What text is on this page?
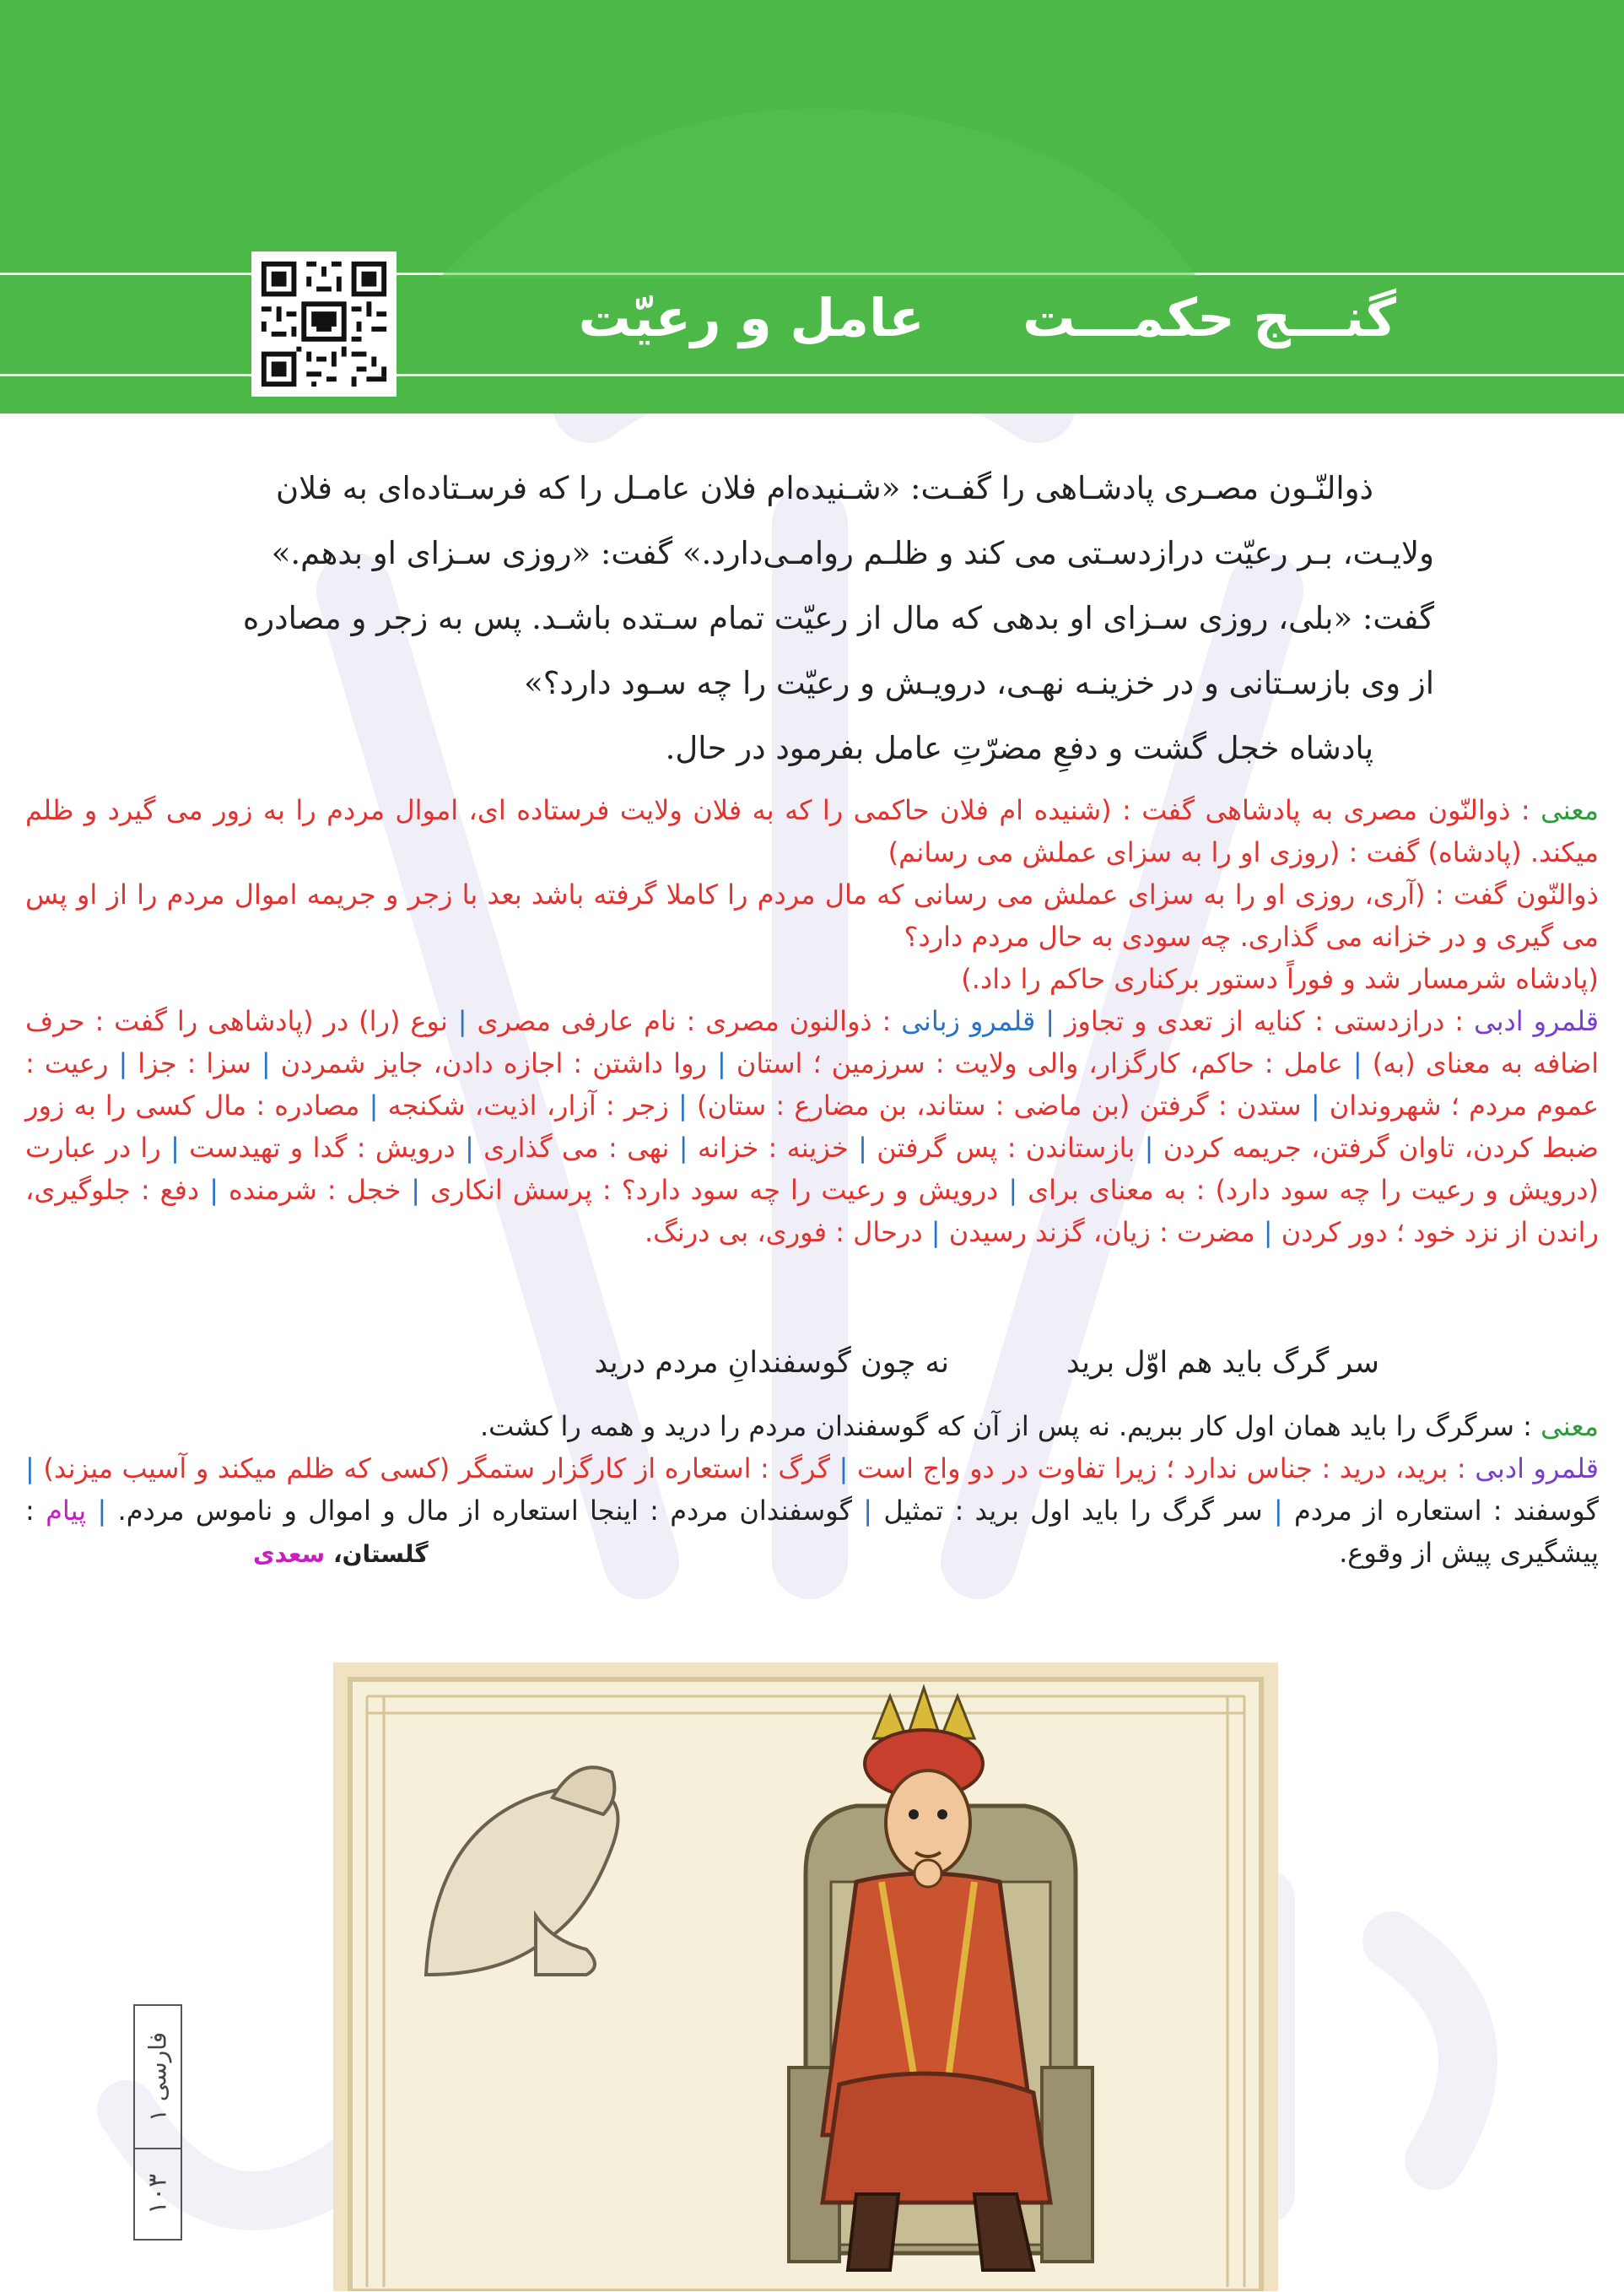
گنـــج حکمـــت عامل و رعیّت

ذوالنّـون مصـری پادشـاهی را گفـت: «شـنیده‌ام فلان عامـل را که فرسـتاده‌ای به فلان

ولایـت، بـر رعیّت درازدسـتی می کند و ظلـم روامـی‌دارد.» گفت: «روزی سـزای او بدهم.»

گفت: «بلی، روزی سـزای او بدهی که مال از رعیّت تمام سـتده باشـد. پس به زجر و مصادره

از وی بازسـتانی و در خزینـه نهـی، درویـش و رعیّت را چه سـود دارد؟»

پادشاه خجل گشت و دفعِ مضرّتِ عامل بفرمود در حال.

معنی : ذوالنّون مصری به پادشاهی گفت : (شنیده ام فلان حاکمی را که به فلان ولایت فرستاده ای، اموال مردم را به زور می گیرد و ظلم میکند. (پادشاه) گفت : (روزی او را به سزای عملش می رسانم)

ذوالنّون گفت : (آری، روزی او را به سزای عملش می رسانی که مال مردم را کاملا گرفته باشد بعد با زجر و جریمه اموال مردم را از او پس می گیری و در خزانه می گذاری. چه سودی به حال مردم دارد؟

(پادشاه شرمسار شد و فوراً دستور برکناری حاکم را داد.)

قلمرو ادبی : درازدستی : کنایه از تعدی و تجاوز | قلمرو زبانی : ذوالنون مصری : نام عارفی مصری | نوع (را) در (پادشاهی را گفت : حرف اضافه به معنای (به) | عامل : حاکم، کارگزار، والی ولایت : سرزمین ؛ استان | روا داشتن : اجازه دادن، جایز شمردن | سزا : جزا | رعیت : عموم مردم ؛ شهروندان | ستدن : گرفتن (بن ماضی : ستاند، بن مضارع : ستان) | زجر : آزار، اذیت، شکنجه | مصادره : مال کسی را به زور ضبط کردن، تاوان گرفتن، جریمه کردن | بازستاندن : پس گرفتن | خزینه : خزانه | نهی : می گذاری | درویش : گدا و تهیدست | را در عبارت (درویش و رعیت را چه سود دارد) : به معنای برای | درویش و رعیت را چه سود دارد؟ : پرسش انکاری | خجل : شرمنده | دفع : جلوگیری، راندن از نزد خود ؛ دور کردن | مضرت : زیان، گزند رسیدن | درحال : فوری، بی درنگ.

سر گرگ باید هم اوّل برید
نه چون گوسفندانِ مردم درید

معنی : سرگرگ را باید همان اول کار ببریم. نه پس از آن که گوسفندان مردم را درید و همه را کشت.

قلمرو ادبی : برید، درید : جناس ندارد ؛ زیرا تفاوت در دو واج است | گرگ : استعاره از کارگزار ستمگر (کسی که ظلم میکند و آسیب میزند) | گوسفند : استعاره از مردم | سر گرگ را باید اول برید : تمثیل | گوسفندان مردم : اینجا استعاره از مال و اموال و ناموس مردم. | پیام : پیشگیری پیش از وقوع.

گلستان، سعدی
فارسی ۱
۱۰۳
